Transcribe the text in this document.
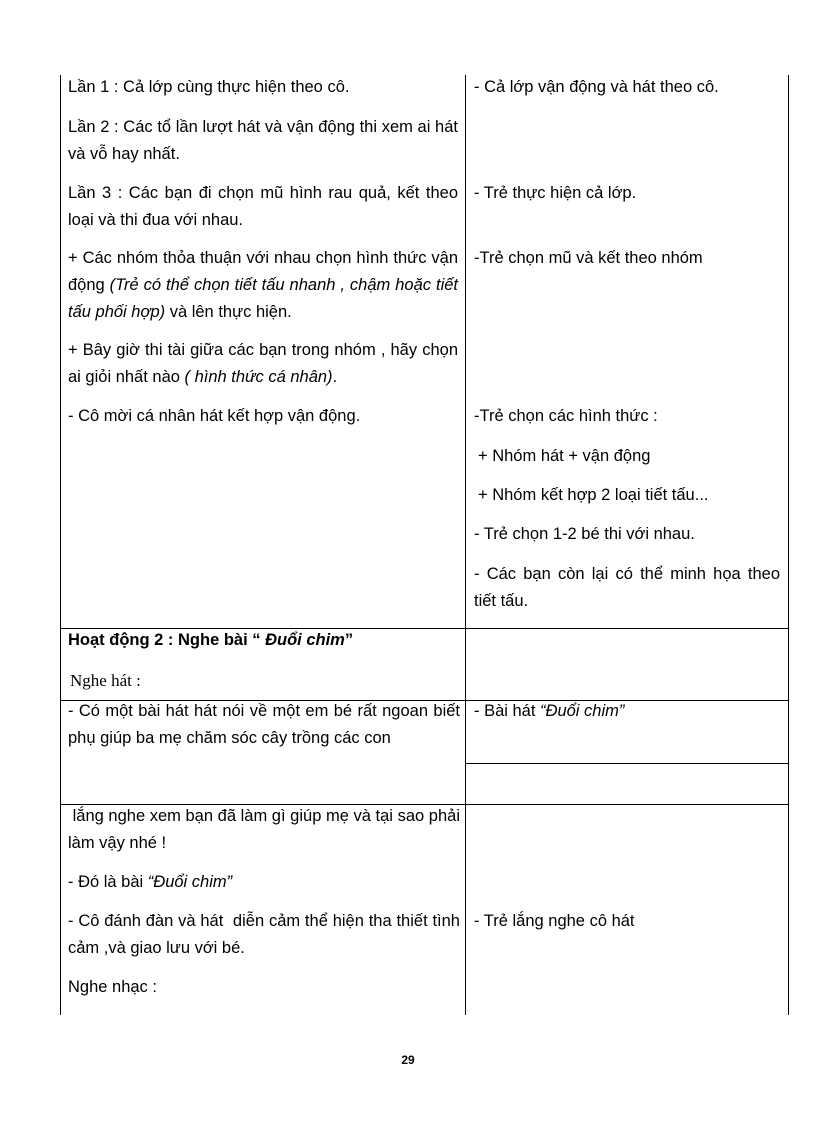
Lần 1 : Cả lớp cùng thực hiện theo cô.

Lần 2 : Các tổ lần lượt hát và vận động thi xem ai hát và vỗ hay nhất.

Lần 3 : Các bạn đi chọn mũ hình rau quả, kết theo loại và thi đua với nhau.

+ Các nhóm thỏa thuận với nhau chọn hình thức vận động (Trẻ có thể chọn tiết tấu nhanh , chậm hoặc tiết tấu phối hợp) và lên thực hiện.

+ Bây giờ thi tài giữa các bạn trong nhóm , hãy chọn ai giỏi nhất nào ( hình thức cá nhân).

- Cô mời cá nhân hát kết hợp vận động.

- Cả lớp vận động và hát theo cô.

- Trẻ thực hiện cả lớp.

-Trẻ chọn mũ và kết theo nhóm

-Trẻ chọn các hình thức :

+ Nhóm hát + vận động

+ Nhóm kết hợp 2 loại tiết tấu...

- Trẻ chọn 1-2 bé thi với nhau.

- Các bạn còn lại có thể minh họa theo tiết tấu.

Hoạt động 2 : Nghe bài “ Đuổi chim”

Nghe hát :

- Có một bài hát hát nói về một em bé rất ngoan biết phụ giúp ba mẹ chăm sóc cây trồng các con

- Bài hát “Đuổi chim”

lắng nghe xem bạn đã làm gì giúp mẹ và tại sao phải làm vậy nhé !

- Đó là bài “Đuổi chim”

- Cô đánh đàn và hát  diễn cảm thể hiện tha thiết tình cảm ,và giao lưu với bé.

Nghe nhạc :

- Trẻ lắng nghe cô hát

29
